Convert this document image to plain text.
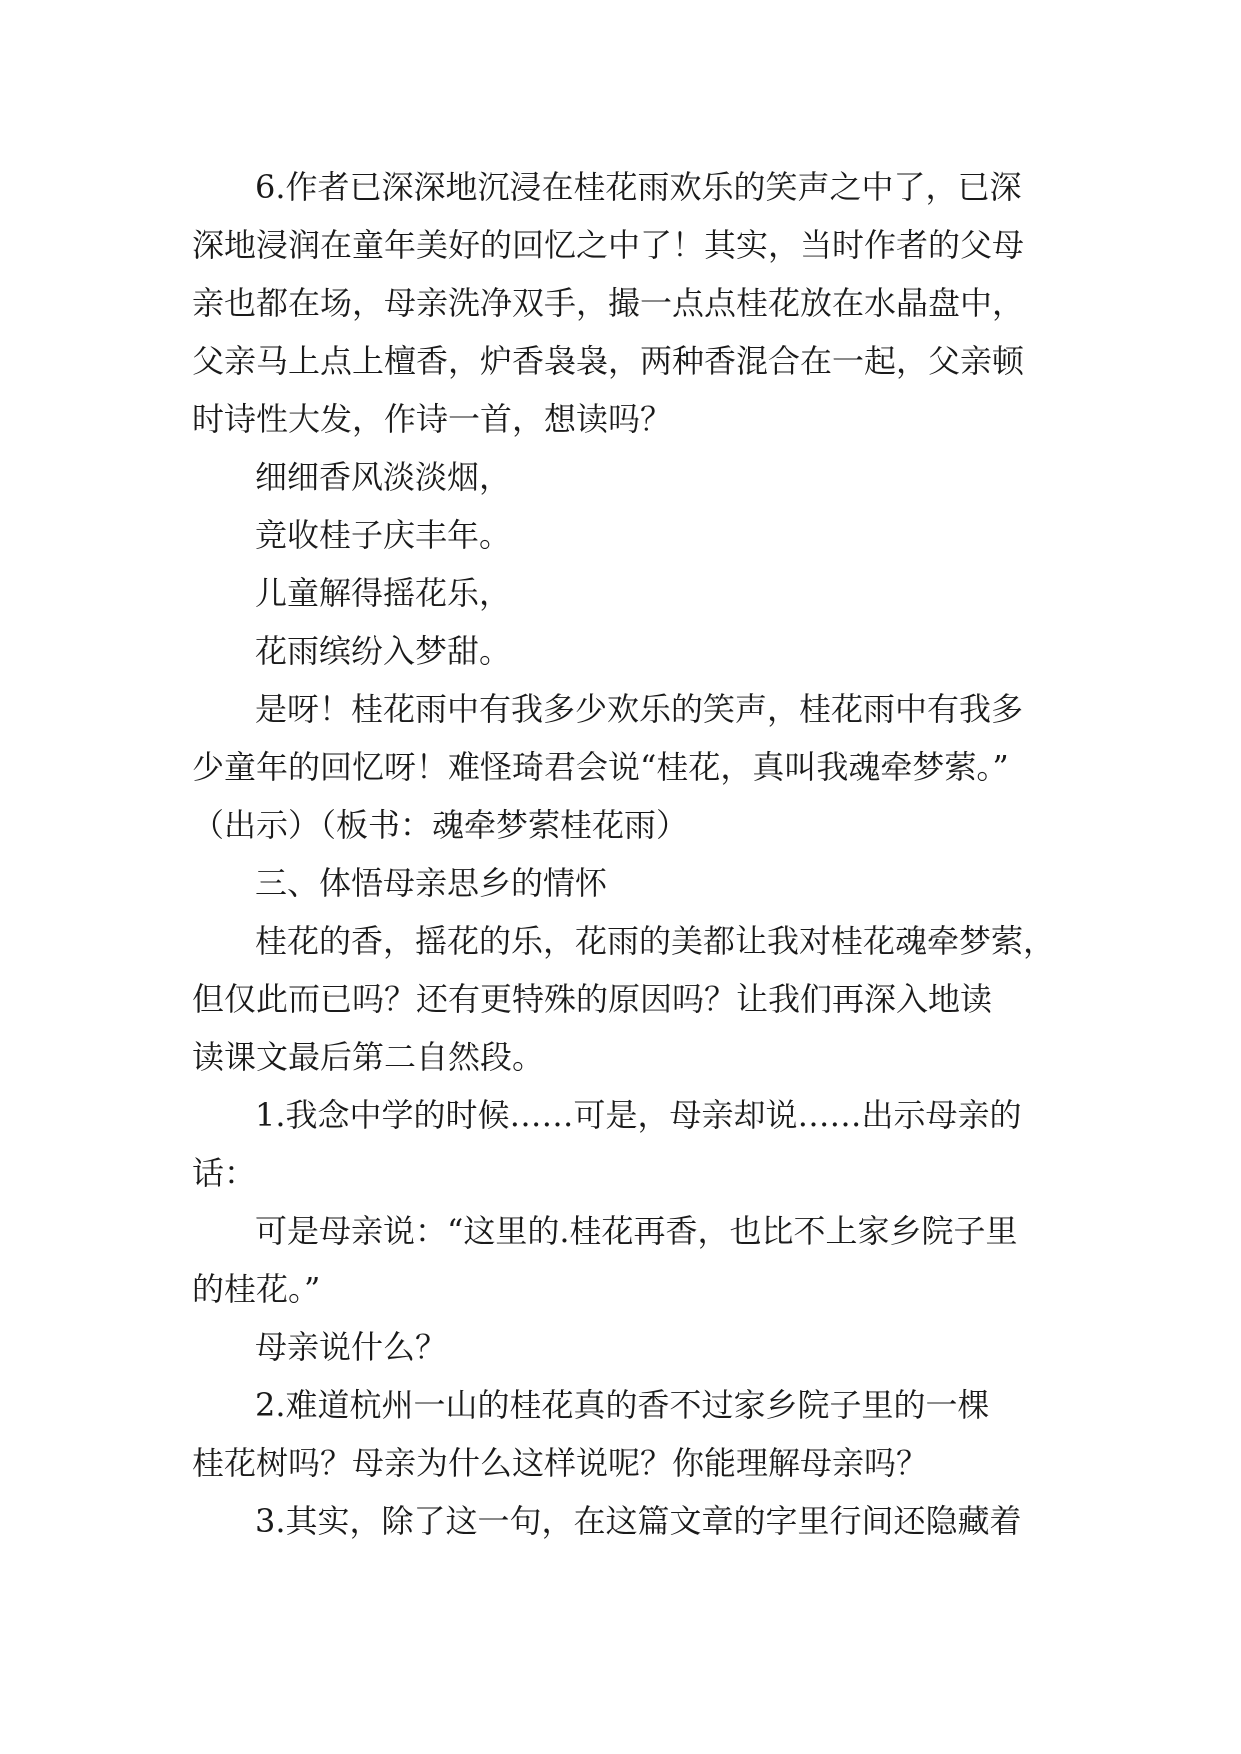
6.作者已深深地沉浸在桂花雨欢乐的笑声之中了，已深
深地浸润在童年美好的回忆之中了！其实，当时作者的父母
亲也都在场，母亲洗净双手，撮一点点桂花放在水晶盘中，
父亲马上点上檀香，炉香袅袅，两种香混合在一起，父亲顿
时诗性大发，作诗一首，想读吗？
细细香风淡淡烟，
竞收桂子庆丰年。
儿童解得摇花乐，
花雨缤纷入梦甜。
是呀！桂花雨中有我多少欢乐的笑声，桂花雨中有我多
少童年的回忆呀！难怪琦君会说“桂花，真叫我魂牵梦萦。”
（出示）（板书：魂牵梦萦桂花雨）
三、体悟母亲思乡的情怀
桂花的香，摇花的乐，花雨的美都让我对桂花魂牵梦萦，
但仅此而已吗？还有更特殊的原因吗？让我们再深入地读
读课文最后第二自然段。
1.我念中学的时候……可是，母亲却说……出示母亲的
话：
可是母亲说：“这里的.桂花再香，也比不上家乡院子里
的桂花。”
母亲说什么？
2.难道杭州一山的桂花真的香不过家乡院子里的一棵
桂花树吗？母亲为什么这样说呢？你能理解母亲吗？
3.其实，除了这一句，在这篇文章的字里行间还隐藏着
